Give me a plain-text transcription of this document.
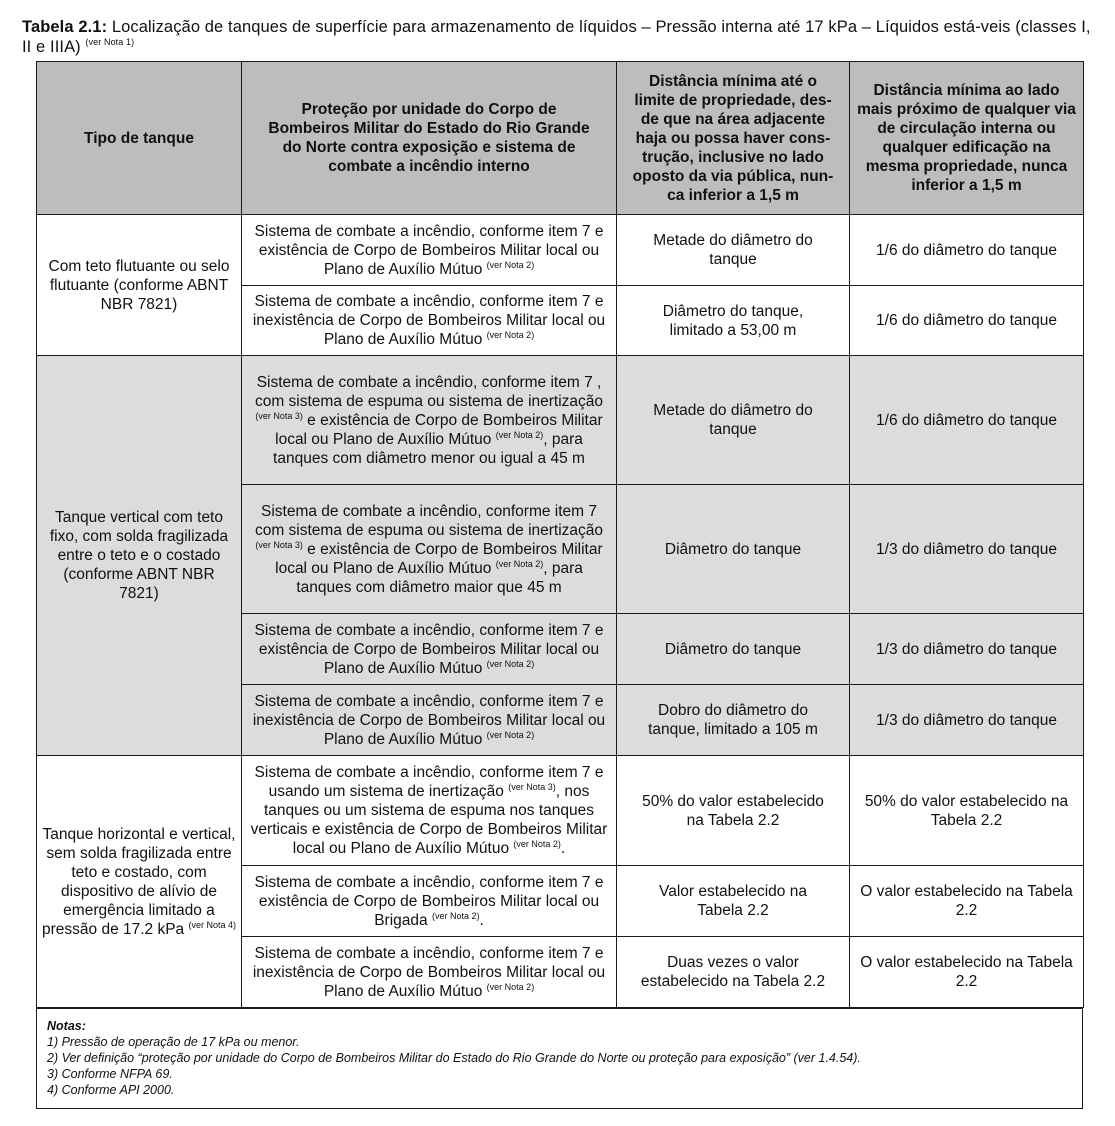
Tabela 2.1: Localização de tanques de superfície para armazenamento de líquidos – Pressão interna até 17 kPa – Líquidos está-veis (classes I, II e IIIA) $^{(ver Nota 1)}$
Tipo de tanque	Proteção por unidade do Corpo de Bombeiros Militar do Estado do Rio Grande do Norte contra exposição e sistema de combate a incêndio interno	Distância mínima até o limite de propriedade, des-de que na área adjacente haja ou possa haver cons-trução, inclusive no lado oposto da via pública, nun-ca inferior a 1,5 m	Distância mínima ao lado mais próximo de qualquer via de circulação interna ou qualquer edificação na mesma propriedade, nunca inferior a 1,5 m
Com teto flutuante ou selo flutuante (conforme ABNT NBR 7821)	Sistema de combate a incêndio, conforme item 7 e existência de Corpo de Bombeiros Militar local ou Plano de Auxílio Mútuo $^{(ver Nota 2)}$	Metade do diâmetro do tanque	1/6 do diâmetro do tanque
	Sistema de combate a incêndio, conforme item 7 e inexistência de Corpo de Bombeiros Militar local ou Plano de Auxílio Mútuo $^{(ver Nota 2)}$	Diâmetro do tanque, limitado a 53,00 m	1/6 do diâmetro do tanque
Tanque vertical com teto fixo, com solda fragilizada entre o teto e o costado (conforme ABNT NBR 7821)	Sistema de combate a incêndio, conforme item 7 , com sistema de espuma ou sistema de inertização $^{(ver Nota 3)}$ e existência de Corpo de Bombeiros Militar local ou Plano de Auxílio Mútuo $^{(ver Nota 2)}$, para tanques com diâmetro menor ou igual a 45 m	Metade do diâmetro do tanque	1/6 do diâmetro do tanque
	Sistema de combate a incêndio, conforme item 7 com sistema de espuma ou sistema de inertização $^{(ver Nota 3)}$ e existência de Corpo de Bombeiros Militar local ou Plano de Auxílio Mútuo $^{(ver Nota 2)}$, para tanques com diâmetro maior que 45 m	Diâmetro do tanque	1/3 do diâmetro do tanque
	Sistema de combate a incêndio, conforme item 7 e existência de Corpo de Bombeiros Militar local ou Plano de Auxílio Mútuo $^{(ver Nota 2)}$	Diâmetro do tanque	1/3 do diâmetro do tanque
	Sistema de combate a incêndio, conforme item 7 e inexistência de Corpo de Bombeiros Militar local ou Plano de Auxílio Mútuo $^{(ver Nota 2)}$	Dobro do diâmetro do tanque, limitado a 105 m	1/3 do diâmetro do tanque
Tanque horizontal e vertical, sem solda fragilizada entre teto e costado, com dispositivo de alívio de emergência limitado a pressão de 17.2 kPa $^{(ver Nota 4)}$	Sistema de combate a incêndio, conforme item 7 e usando um sistema de inertização $^{(ver Nota 3)}$, nos tanques ou um sistema de espuma nos tanques verticais e existência de Corpo de Bombeiros Militar local ou Plano de Auxílio Mútuo $^{(ver Nota 2)}$.	50% do valor estabelecido na Tabela 2.2	50% do valor estabelecido na Tabela 2.2
	Sistema de combate a incêndio, conforme item 7 e existência de Corpo de Bombeiros Militar local ou Brigada $^{(ver Nota 2)}$.	Valor estabelecido na Tabela 2.2	O valor estabelecido na Tabela 2.2
	Sistema de combate a incêndio, conforme item 7 e inexistência de Corpo de Bombeiros Militar local ou Plano de Auxílio Mútuo $^{(ver Nota 2)}$	Duas vezes o valor estabelecido na Tabela 2.2	O valor estabelecido na Tabela 2.2
Notas:
1) Pressão de operação de 17 kPa ou menor.
2) Ver definição “proteção por unidade do Corpo de Bombeiros Militar do Estado do Rio Grande do Norte ou proteção para exposição” (ver 1.4.54).
3) Conforme NFPA 69.
4) Conforme API 2000.
